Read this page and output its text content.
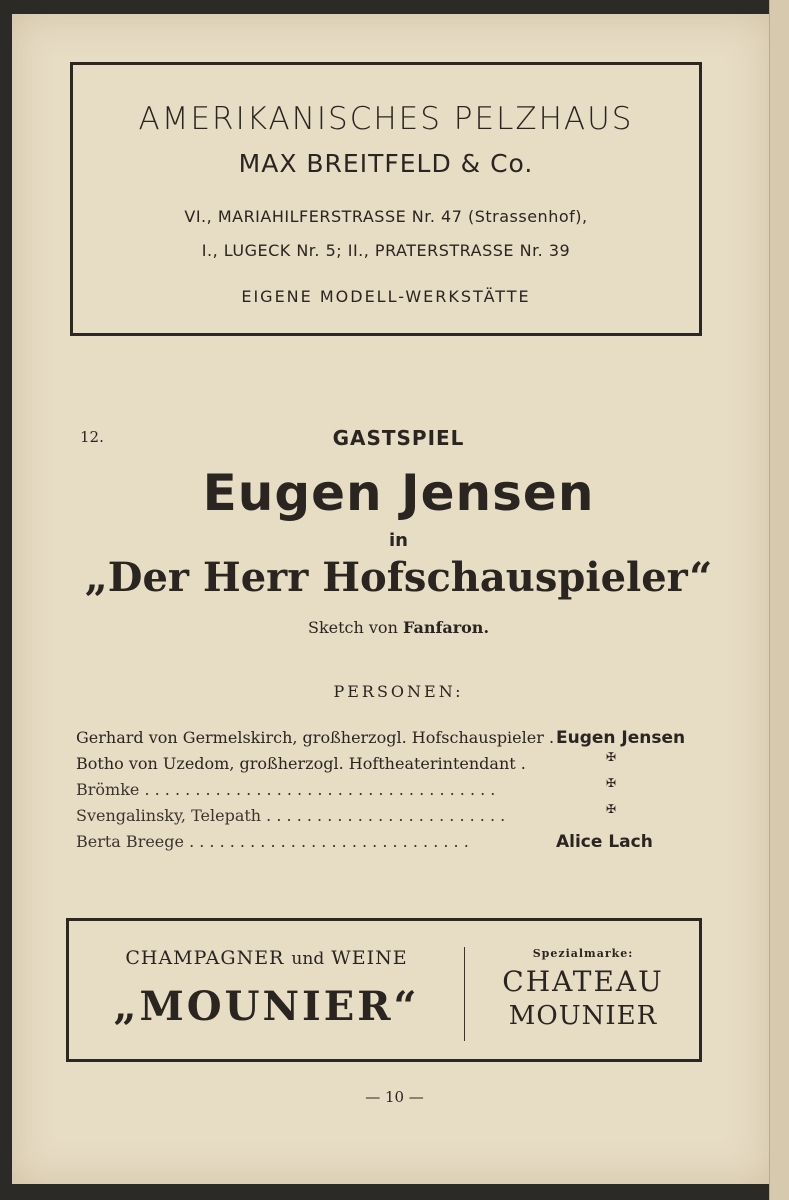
AMERIKANISCHES PELZHAUS
MAX BREITFELD & Co.
VI., MARIAHILFERSTRASSE Nr. 47 (Strassenhof),
I., LUGECK Nr. 5; II., PRATERSTRASSE Nr. 39
EIGENE MODELL-WERKSTÄTTE
12.	GASTSPIEL
Eugen Jensen
in
„Der Herr Hofschauspieler“
Sketch von Fanfaron.
PERSONEN:
Gerhard von Germelskirch, großherzogl. Hofschauspieler . Eugen Jensen
Botho von Uzedom, großherzogl. Hoftheaterintendant .	✠
Brömke . . . . . . . . . . . . . . . . . . . . . . . . . . . . . . . . . . .	✠
Svengalinsky, Telepath . . . . . . . . . . . . . . . . . . . . . . . .	✠
Berta Breege . . . . . . . . . . . . . . . . . . . . . . . . . . . .	Alice Lach
CHAMPAGNER und WEINE
„MOUNIER“
Spezialmarke:
CHATEAU
MOUNIER
— 10 —
